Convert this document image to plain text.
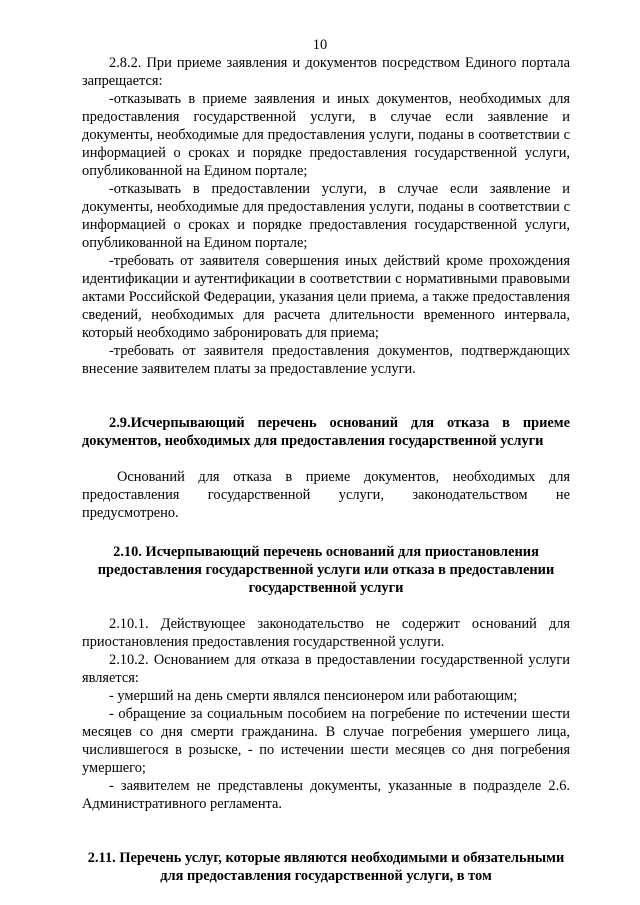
10

2.8.2. При приеме заявления и документов посредством Единого портала запрещается:

-отказывать в приеме заявления и иных документов, необходимых для предоставления государственной услуги, в случае если заявление и документы, необходимые для предоставления услуги, поданы в соответствии с информацией о сроках и порядке предоставления государственной услуги, опубликованной на Едином портале;

-отказывать в предоставлении услуги, в случае если заявление и документы, необходимые для предоставления услуги, поданы в соответствии с информацией о сроках и порядке предоставления государственной услуги, опубликованной на Едином портале;

-требовать от заявителя совершения иных действий кроме прохождения идентификации и аутентификации в соответствии с нормативными правовыми актами Российской Федерации, указания цели приема, а также предоставления сведений, необходимых для расчета длительности временного интервала, который необходимо забронировать для приема;

-требовать от заявителя предоставления документов, подтверждающих внесение заявителем платы за предоставление услуги.

2.9.Исчерпывающий перечень оснований для отказа в приеме документов, необходимых для предоставления государственной услуги

Оснований для отказа в приеме документов, необходимых для предоставления государственной услуги, законодательством не предусмотрено.

2.10. Исчерпывающий перечень оснований для приостановления предоставления государственной услуги или отказа в предоставлении государственной услуги

2.10.1. Действующее законодательство не содержит оснований для приостановления предоставления государственной услуги.

2.10.2. Основанием для отказа в предоставлении государственной услуги является:

- умерший на день смерти являлся пенсионером или работающим;

- обращение за социальным пособием на погребение по истечении шести месяцев со дня смерти гражданина. В случае погребения умершего лица, числившегося в розыске, - по истечении шести месяцев со дня погребения умершего;

- заявителем не представлены документы, указанные в подразделе 2.6. Административного регламента.

2.11. Перечень услуг, которые являются необходимыми и обязательными для предоставления государственной услуги, в том
